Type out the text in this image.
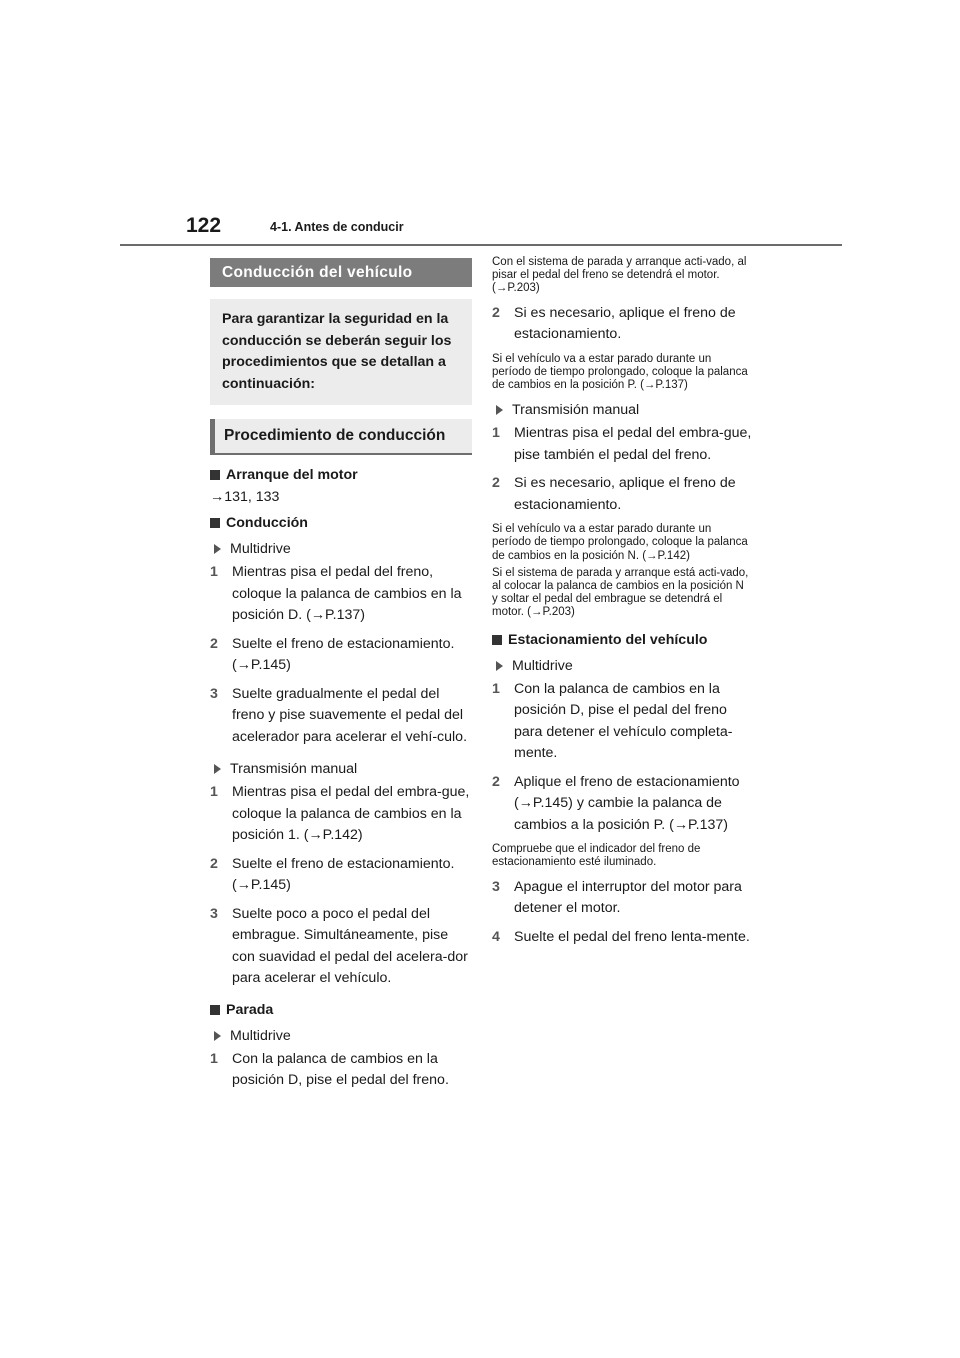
122	4-1. Antes de conducir
Conducción del vehículo
Para garantizar la seguridad en la conducción se deberán seguir los procedimientos que se detallan a continuación:
Procedimiento de conducción
Arranque del motor
→131, 133
Conducción
Multidrive
1 Mientras pisa el pedal del freno, coloque la palanca de cambios en la posición D. (→P.137)
2 Suelte el freno de estacionamiento. (→P.145)
3 Suelte gradualmente el pedal del freno y pise suavemente el pedal del acelerador para acelerar el vehí-culo.
Transmisión manual
1 Mientras pisa el pedal del embra-gue, coloque la palanca de cambios en la posición 1. (→P.142)
2 Suelte el freno de estacionamiento. (→P.145)
3 Suelte poco a poco el pedal del embrague. Simultáneamente, pise con suavidad el pedal del acelera-dor para acelerar el vehículo.
Parada
Multidrive
1 Con la palanca de cambios en la posición D, pise el pedal del freno.
Con el sistema de parada y arranque acti-vado, al pisar el pedal del freno se detendrá el motor. (→P.203)
2 Si es necesario, aplique el freno de estacionamiento.
Si el vehículo va a estar parado durante un período de tiempo prolongado, coloque la palanca de cambios en la posición P. (→P.137)
Transmisión manual
1 Mientras pisa el pedal del embra-gue, pise también el pedal del freno.
2 Si es necesario, aplique el freno de estacionamiento.
Si el vehículo va a estar parado durante un período de tiempo prolongado, coloque la palanca de cambios en la posición N. (→P.142)
Si el sistema de parada y arranque está acti-vado, al colocar la palanca de cambios en la posición N y soltar el pedal del embrague se detendrá el motor. (→P.203)
Estacionamiento del vehículo
Multidrive
1 Con la palanca de cambios en la posición D, pise el pedal del freno para detener el vehículo completa-mente.
2 Aplique el freno de estacionamiento (→P.145) y cambie la palanca de cambios a la posición P. (→P.137)
Compruebe que el indicador del freno de estacionamiento esté iluminado.
3 Apague el interruptor del motor para detener el motor.
4 Suelte el pedal del freno lenta-mente.
